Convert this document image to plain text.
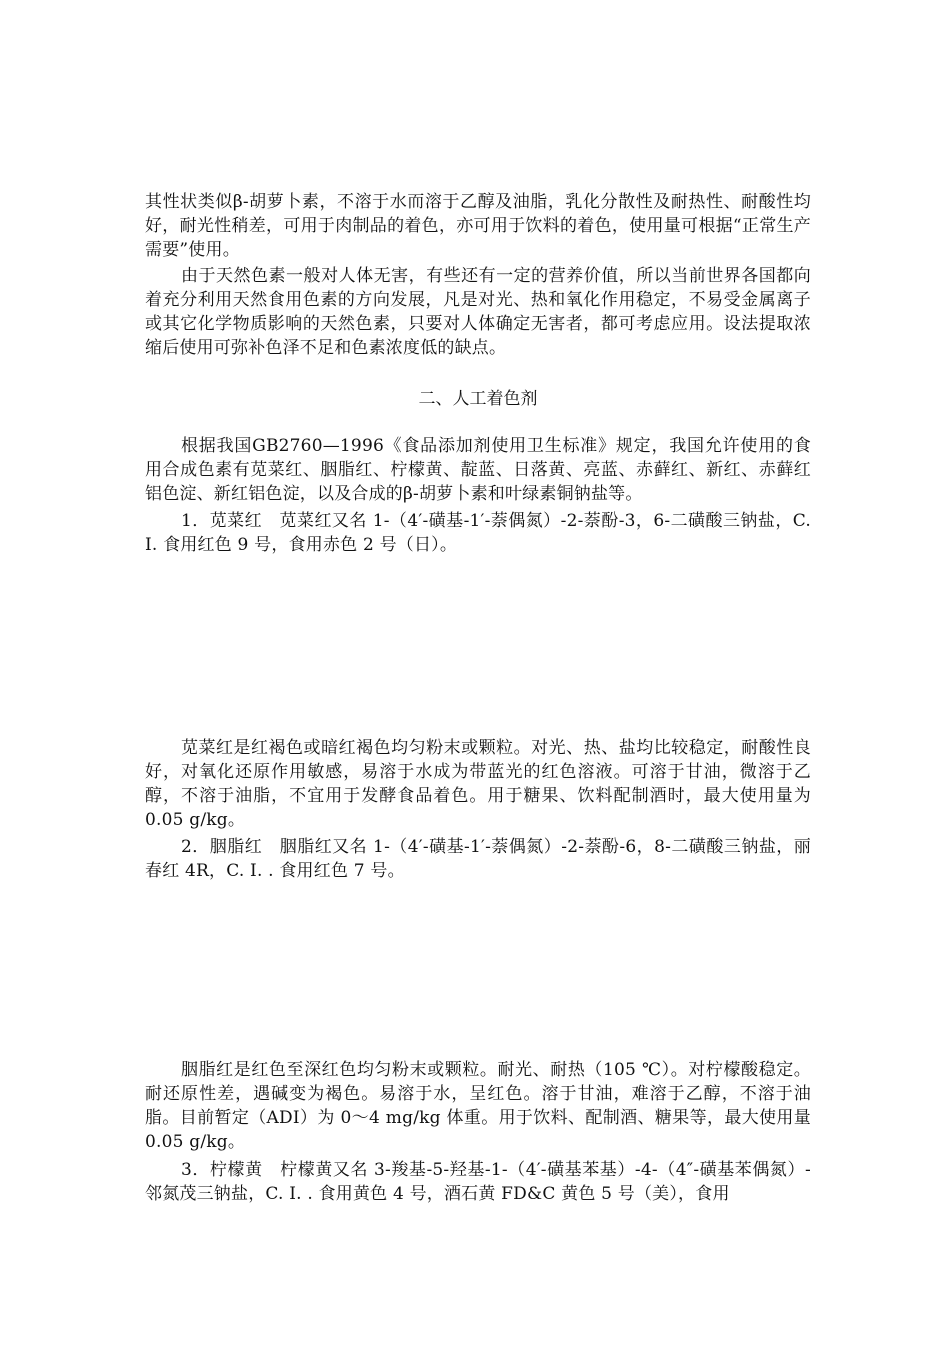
其性状类似β-胡萝卜素，不溶于水而溶于乙醇及油脂，乳化分散性及耐热性、耐酸性均好，耐光性稍差，可用于肉制品的着色，亦可用于饮料的着色，使用量可根据“正常生产需要”使用。

由于天然色素一般对人体无害，有些还有一定的营养价值，所以当前世界各国都向着充分利用天然食用色素的方向发展，凡是对光、热和氧化作用稳定，不易受金属离子或其它化学物质影响的天然色素，只要对人体确定无害者，都可考虑应用。设法提取浓缩后使用可弥补色泽不足和色素浓度低的缺点。

二、人工着色剂

根据我国GB2760—1996《食品添加剂使用卫生标准》规定，我国允许使用的食用合成色素有苋菜红、胭脂红、柠檬黄、靛蓝、日落黄、亮蓝、赤藓红、新红、赤藓红铝色淀、新红铝色淀，以及合成的β-胡萝卜素和叶绿素铜钠盐等。

1．苋菜红　苋菜红又名 1-（4′-磺基-1′-萘偶氮）-2-萘酚-3，6-二磺酸三钠盐，C. I. 食用红色 9 号，食用赤色 2 号（日）。

苋菜红是红褐色或暗红褐色均匀粉末或颗粒。对光、热、盐均比较稳定，耐酸性良好，对氧化还原作用敏感，易溶于水成为带蓝光的红色溶液。可溶于甘油，微溶于乙醇，不溶于油脂，不宜用于发酵食品着色。用于糖果、饮料配制酒时，最大使用量为 0.05 g/kg。

2．胭脂红　胭脂红又名 1-（4′-磺基-1′-萘偶氮）-2-萘酚-6，8-二磺酸三钠盐，丽春红 4R，C. I. . 食用红色 7 号。

胭脂红是红色至深红色均匀粉末或颗粒。耐光、耐热（105 ℃）。对柠檬酸稳定。耐还原性差，遇碱变为褐色。易溶于水，呈红色。溶于甘油，难溶于乙醇，不溶于油脂。目前暂定（ADI）为 0～4 mg/kg 体重。用于饮料、配制酒、糖果等，最大使用量 0.05 g/kg。

3．柠檬黄　柠檬黄又名 3-羧基-5-羟基-1-（4′-磺基苯基）-4-（4″-磺基苯偶氮）-邻氮茂三钠盐，C. I. . 食用黄色 4 号，酒石黄 FD&C 黄色 5 号（美），食用
